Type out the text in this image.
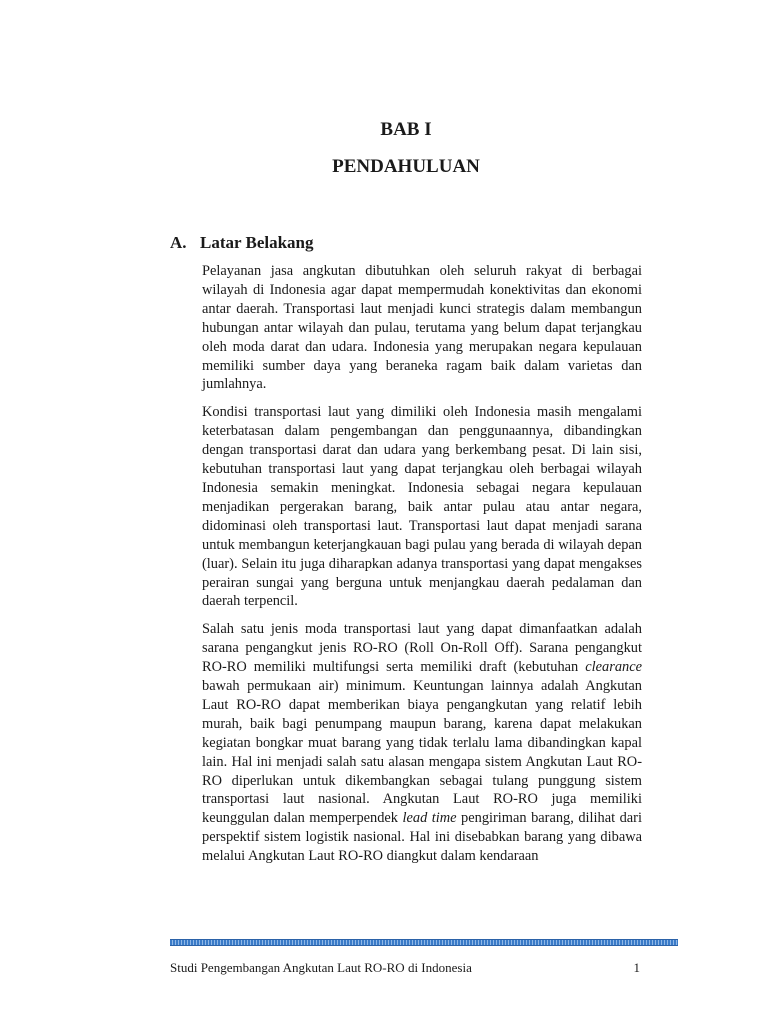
BAB I
PENDAHULUAN
A. Latar Belakang

Pelayanan jasa angkutan dibutuhkan oleh seluruh rakyat di berbagai wilayah di Indonesia agar dapat mempermudah konektivitas dan ekonomi antar daerah. Transportasi laut menjadi kunci strategis dalam membangun hubungan antar wilayah dan pulau, terutama yang belum dapat terjangkau oleh moda darat dan udara. Indonesia yang merupakan negara kepulauan memiliki sumber daya yang beraneka ragam baik dalam varietas dan jumlahnya.

Kondisi transportasi laut yang dimiliki oleh Indonesia masih mengalami keterbatasan dalam pengembangan dan penggunaannya, dibandingkan dengan transportasi darat dan udara yang berkembang pesat. Di lain sisi, kebutuhan transportasi laut yang dapat terjangkau oleh berbagai wilayah Indonesia semakin meningkat. Indonesia sebagai negara kepulauan menjadikan pergerakan barang, baik antar pulau atau antar negara, didominasi oleh transportasi laut. Transportasi laut dapat menjadi sarana untuk membangun keterjangkauan bagi pulau yang berada di wilayah depan (luar). Selain itu juga diharapkan adanya transportasi yang dapat mengakses perairan sungai yang berguna untuk menjangkau daerah pedalaman dan daerah terpencil.

Salah satu jenis moda transportasi laut yang dapat dimanfaatkan adalah sarana pengangkut jenis RO-RO (Roll On-Roll Off). Sarana pengangkut RO-RO memiliki multifungsi serta memiliki draft (kebutuhan clearance bawah permukaan air) minimum. Keuntungan lainnya adalah Angkutan Laut RO-RO dapat memberikan biaya pengangkutan yang relatif lebih murah, baik bagi penumpang maupun barang, karena dapat melakukan kegiatan bongkar muat barang yang tidak terlalu lama dibandingkan kapal lain. Hal ini menjadi salah satu alasan mengapa sistem Angkutan Laut RO-RO diperlukan untuk dikembangkan sebagai tulang punggung sistem transportasi laut nasional. Angkutan Laut RO-RO juga memiliki keunggulan dalan memperpendek lead time pengiriman barang, dilihat dari perspektif sistem logistik nasional. Hal ini disebabkan barang yang dibawa melalui Angkutan Laut RO-RO diangkut dalam kendaraan

Studi Pengembangan Angkutan Laut RO-RO di Indonesia	1
